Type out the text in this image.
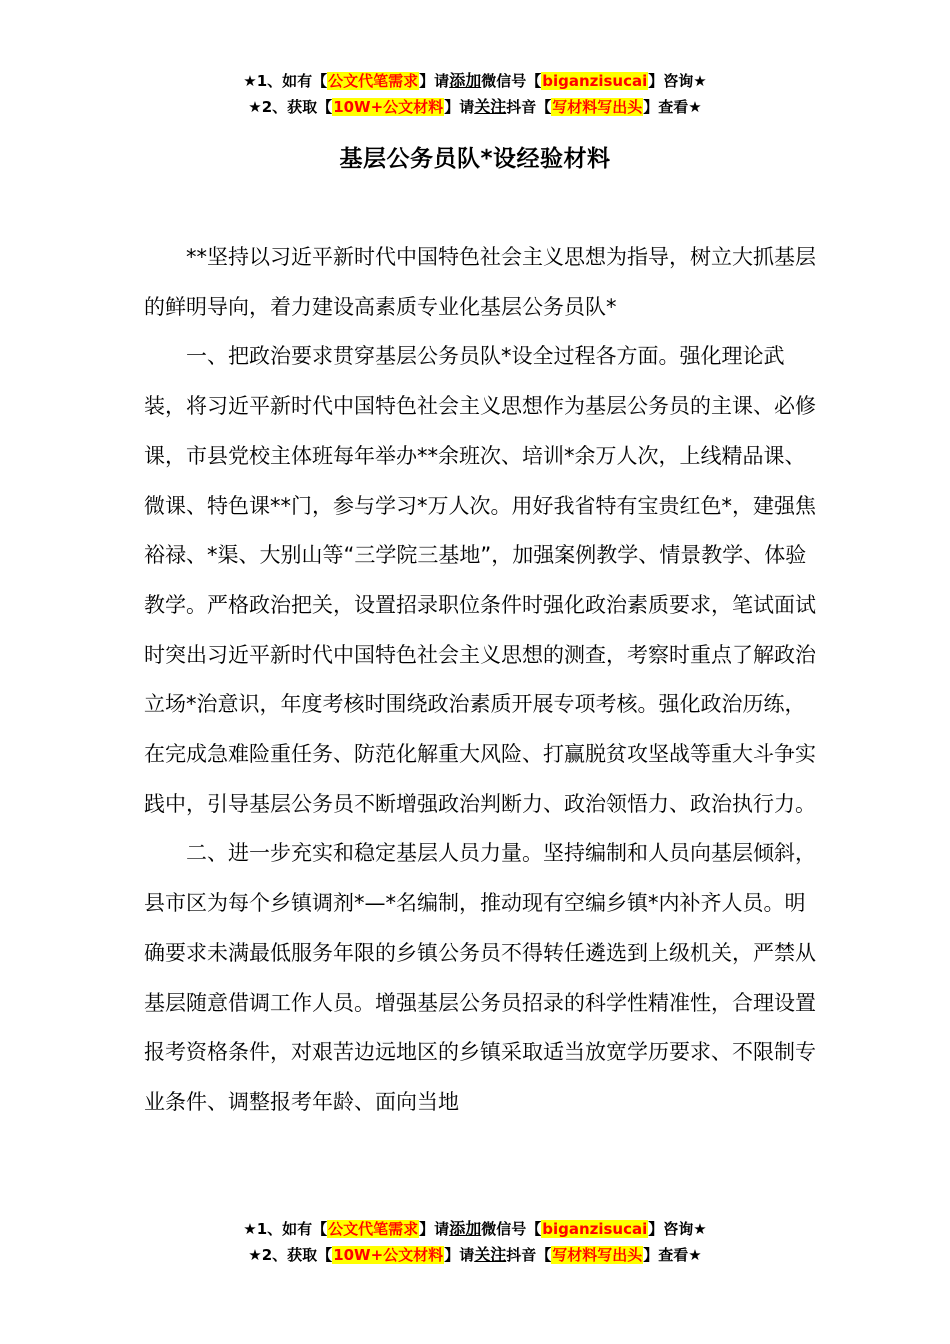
★1、如有【公文代笔需求】请添加微信号【biganzisucai】咨询★
★2、获取【10W+公文材料】请关注抖音【写材料写出头】查看★
基层公务员队*设经验材料

**坚持以习近平新时代中国特色社会主义思想为指导，树立大抓基层的鲜明导向，着力建设高素质专业化基层公务员队*

一、把政治要求贯穿基层公务员队*设全过程各方面。强化理论武装，将习近平新时代中国特色社会主义思想作为基层公务员的主课、必修课，市县党校主体班每年举办**余班次、培训*余万人次，上线精品课、微课、特色课**门，参与学习*万人次。用好我省特有宝贵红色*，建强焦裕禄、*渠、大别山等“三学院三基地”，加强案例教学、情景教学、体验教学。严格政治把关，设置招录职位条件时强化政治素质要求，笔试面试时突出习近平新时代中国特色社会主义思想的测查，考察时重点了解政治立场*治意识，年度考核时围绕政治素质开展专项考核。强化政治历练，在完成急难险重任务、防范化解重大风险、打赢脱贫攻坚战等重大斗争实践中，引导基层公务员不断增强政治判断力、政治领悟力、政治执行力。

二、进一步充实和稳定基层人员力量。坚持编制和人员向基层倾斜，县市区为每个乡镇调剂*—*名编制，推动现有空编乡镇*内补齐人员。明确要求未满最低服务年限的乡镇公务员不得转任遴选到上级机关，严禁从基层随意借调工作人员。增强基层公务员招录的科学性精准性，合理设置报考资格条件，对艰苦边远地区的乡镇采取适当放宽学历要求、不限制专业条件、调整报考年龄、面向当地

★1、如有【公文代笔需求】请添加微信号【biganzisucai】咨询★
★2、获取【10W+公文材料】请关注抖音【写材料写出头】查看★
